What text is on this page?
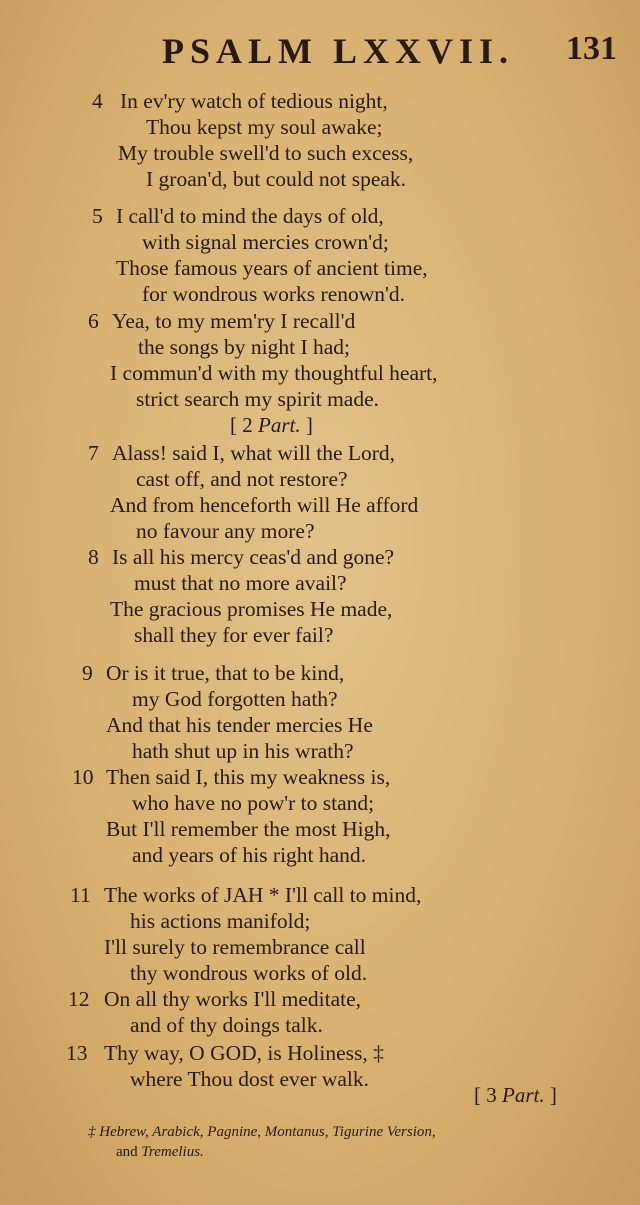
PSALM LXXVII. 131
4 In ev'ry watch of tedious night,
Thou kepst my soul awake;
My trouble swell'd to such excess,
I groan'd, but could not speak.
5 I call'd to mind the days of old,
with signal mercies crown'd;
Those famous years of ancient time,
for wondrous works renown'd.
6 Yea, to my mem'ry I recall'd
the songs by night I had;
I commun'd with my thoughtful heart,
strict search my spirit made.
[ 2 Part. ]
7 Alass! said I, what will the Lord,
cast off, and not restore?
And from henceforth will He afford
no favour any more?
8 Is all his mercy ceas'd and gone?
must that no more avail?
The gracious promises He made,
shall they for ever fail?
9 Or is it true, that to be kind,
my God forgotten hath?
And that his tender mercies He
hath shut up in his wrath?
10 Then said I, this my weakness is,
who have no pow'r to stand;
But I'll remember the most High,
and years of his right hand.
11 The works of JAH * I'll call to mind,
his actions manifold;
I'll surely to remembrance call
thy wondrous works of old.
12 On all thy works I'll meditate,
and of thy doings talk.
13 Thy way, O GOD, is Holiness, ‡
where Thou dost ever walk.
[ 3 Part. ]
‡ Hebrew, Arabick, Pagnine, Montanus, Tigurine Version,
and Tremelius.
